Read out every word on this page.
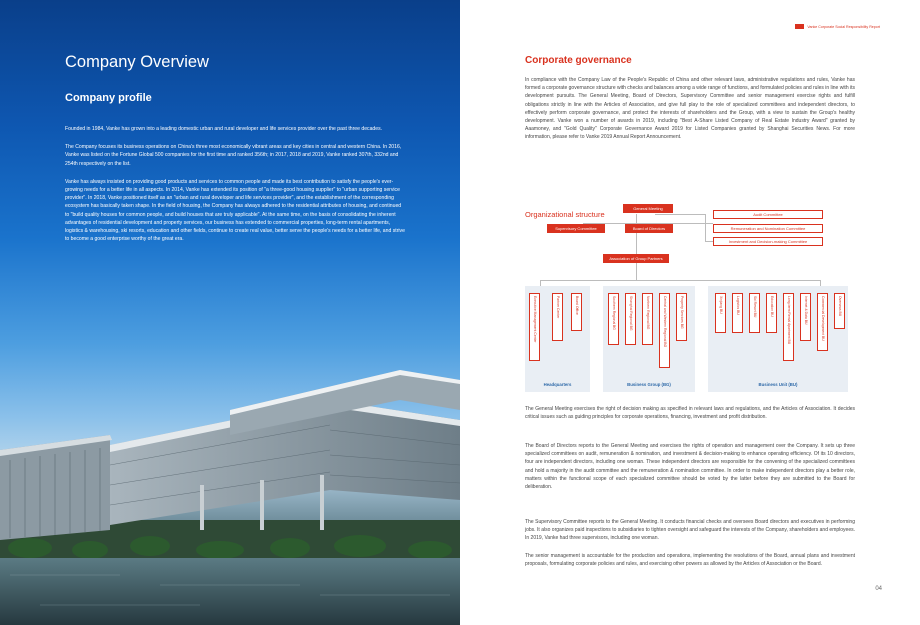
Company Overview
Company profile

Founded in 1984, Vanke has grown into a leading domestic urban and rural developer and life services provider over the past three decades.

The Company focuses its business operations on China's three most economically vibrant areas and key cities in central and western China. In 2016, Vanke was listed on the Fortune Global 500 companies for the first time and ranked 356th; in 2017, 2018 and 2019, Vanke ranked 307th, 332nd and 254th respectively on the list.

Vanke has always insisted on providing good products and services to common people and made its best contribution to satisfy the people's ever-growing needs for a better life in all aspects. In 2014, Vanke has extended its position of "a three-good housing supplier" to "urban supporting service provider". In 2018, Vanke positioned itself as an "urban and rural developer and life services provider", and the establishment of the corresponding ecosystem has basically taken shape. In the field of housing, the Company has always adhered to the residential attributes of housing, and continued to "build quality houses for common people, and build houses that are truly applicable". At the same time, on the basis of consolidating the inherent advantages of residential development and property services, our business has extended to commercial properties, long-term rental apartments, logistics & warehousing, ski resorts, education and other fields, continue to create real value, better serve the people's needs for a better life, and strive to become a good enterprise worthy of the great era.

Vanke Corporate Social Responsibility Report
Corporate governance
In compliance with the Company Law of the People's Republic of China and other relevant laws, administrative regulations and rules, Vanke has formed a corporate governance structure with checks and balances among a wide range of functions, and formulated policies and rules in line with its development pursuits. The General Meeting, Board of Directors, Supervisory Committee and senior management exercise rights and fulfill obligations strictly in line with the Articles of Association, and give full play to the role of specialized committees and independent directors, to effectively perform corporate governance, and protect the interests of shareholders and the Group, with a view to sustain the Group's healthy development. Vanke won a number of awards in 2019, including "Best A-Share Listed Company of Real Estate Industry Award" granted by Aaamoney, and "Gold Quality" Corporate Governance Award 2019 for Listed Companies granted by Shanghai Securities News. For more information, please refer to Vanke 2019 Annual Report Announcement.
Organizational structure
General Meeting
Supervisory Committee	Board of Directors
Audit Committee
Remuneration and Nomination Committee
Investment and Decision-making Committee
Association of Group Partners
Headquarters	Business Group (BG)	Business Unit (BU)
Executive Management Center	Partner Center	Board Office	Southern Regional BG	Shanghai Regional BG	Northern Regional BG	Central and Western Regional BG	Property Services BG	Xinjiang BU	Logistics BU	Ski Resort BU	Education BU	Long-term Rental Apartment BU	Internet & Data BU	Commercial Development BU	Overseas BU
The General Meeting exercises the right of decision making as specified in relevant laws and regulations, and the Articles of Association. It decides critical issues such as guiding principles for corporate operations, financing, investment and profit distribution.
The Board of Directors reports to the General Meeting and exercises the rights of operation and management over the Company. It sets up three specialized committees on audit, remuneration & nomination, and investment & decision-making to enhance operating efficiency. Of its 10 directors, four are independent directors, including one woman. These independent directors are responsible for the convening of the specialized committees and hold a majority in the audit committee and the remuneration & nomination committee. In order to make independent directors play a better role, matters within the functional scope of each specialized committee should be voted by the latter before they are submitted to the Board for deliberation.
The Supervisory Committee reports to the General Meeting. It conducts financial checks and oversees Board directors and executives in performing jobs. It also organizes paid inspections to subsidiaries to tighten oversight and safeguard the interests of the Company, shareholders and employees. In 2019, Vanke had three supervisors, including one woman.
The senior management is accountable for the production and operations, implementing the resolutions of the Board, annual plans and investment proposals, formulating corporate policies and rules, and exercising other powers as allowed by the Articles of Association or the Board.
04
